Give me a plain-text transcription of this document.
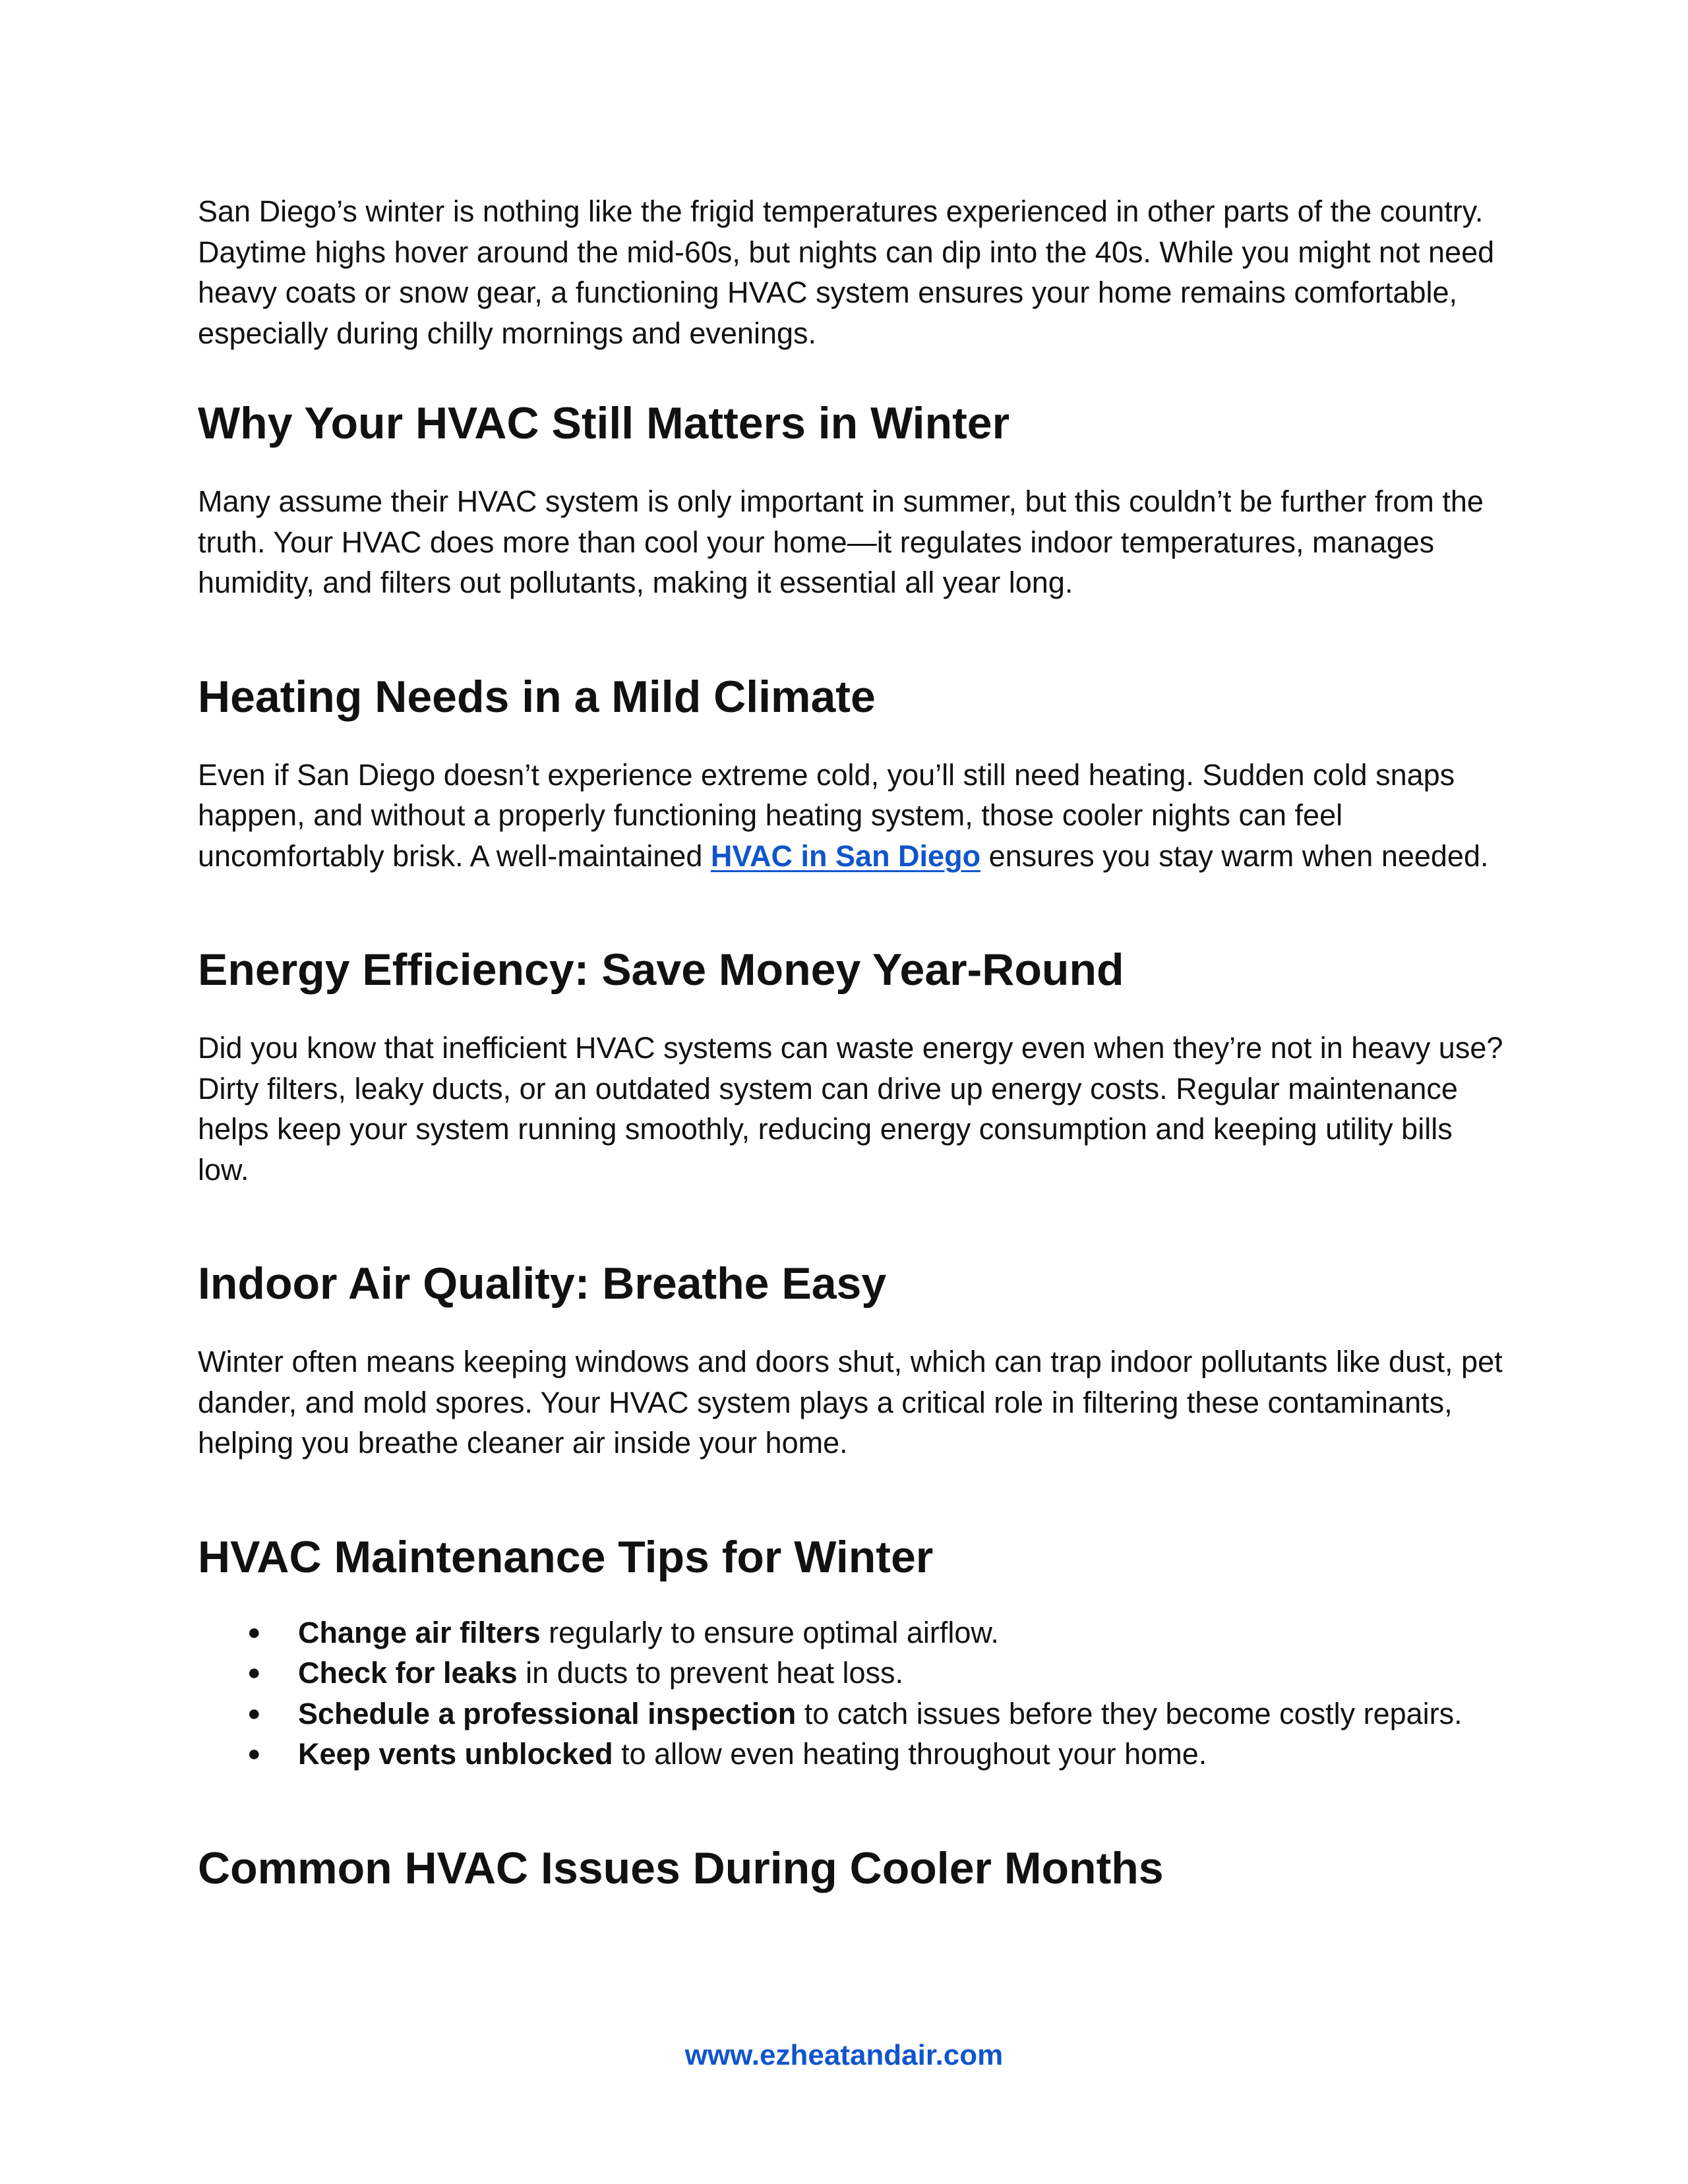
San Diego’s winter is nothing like the frigid temperatures experienced in other parts of the country. Daytime highs hover around the mid-60s, but nights can dip into the 40s. While you might not need heavy coats or snow gear, a functioning HVAC system ensures your home remains comfortable, especially during chilly mornings and evenings.

Why Your HVAC Still Matters in Winter

Many assume their HVAC system is only important in summer, but this couldn’t be further from the truth. Your HVAC does more than cool your home—it regulates indoor temperatures, manages humidity, and filters out pollutants, making it essential all year long.

Heating Needs in a Mild Climate

Even if San Diego doesn’t experience extreme cold, you’ll still need heating. Sudden cold snaps happen, and without a properly functioning heating system, those cooler nights can feel uncomfortably brisk. A well-maintained HVAC in San Diego ensures you stay warm when needed.

Energy Efficiency: Save Money Year-Round

Did you know that inefficient HVAC systems can waste energy even when they’re not in heavy use? Dirty filters, leaky ducts, or an outdated system can drive up energy costs. Regular maintenance helps keep your system running smoothly, reducing energy consumption and keeping utility bills low.

Indoor Air Quality: Breathe Easy

Winter often means keeping windows and doors shut, which can trap indoor pollutants like dust, pet dander, and mold spores. Your HVAC system plays a critical role in filtering these contaminants, helping you breathe cleaner air inside your home.

HVAC Maintenance Tips for Winter
● Change air filters regularly to ensure optimal airflow.
● Check for leaks in ducts to prevent heat loss.
● Schedule a professional inspection to catch issues before they become costly repairs.
● Keep vents unblocked to allow even heating throughout your home.
Common HVAC Issues During Cooler Months
www.ezheatandair.com
